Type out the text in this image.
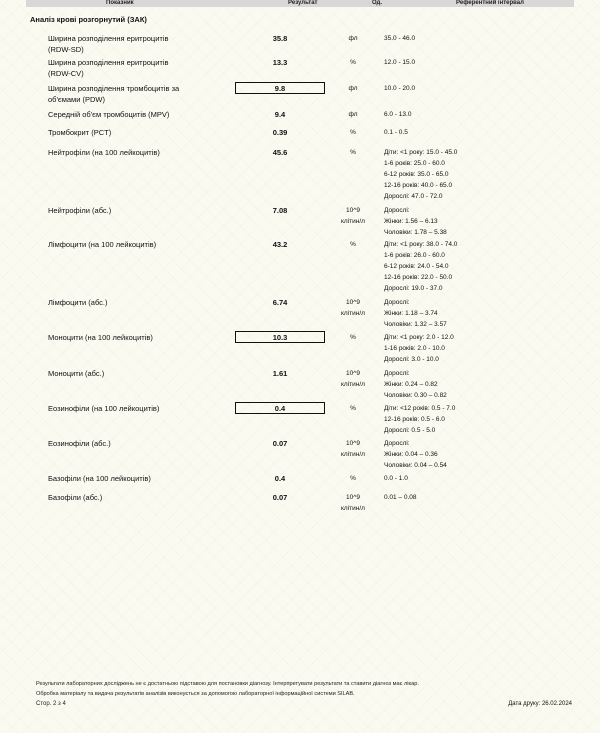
Показник	Результат	Од.	Референтний інтервал
Аналіз крові розгорнутий (ЗАК)
Ширина розподілення еритроцитів
(RDW-SD)
35.8	фл	35.0 - 46.0
Ширина розподілення еритроцитів
(RDW-CV)
13.3	%	12.0 - 15.0
Ширина розподілення тромбоцитів за
об'ємами (PDW)
9.8	фл	10.0 - 20.0
Середній об'єм тромбоцитів (MPV)	9.4	фл	6.0 - 13.0
Тромбокрит (PCT)	0.39	%	0.1 - 0.5
Нейтрофіли (на 100 лейкоцитів)	45.6	%	Діти: <1 року: 15.0 - 45.0
1-6 років: 25.0 - 60.0
6-12 років: 35.0 - 65.0
12-16 років: 40.0 - 65.0
Дорослі: 47.0 - 72.0
Нейтрофіли (абс.)	7.08	10^9
клітин/л
Дорослі:
Жінки: 1.56 – 6.13
Чоловіки: 1.78 – 5.38
Лімфоцити (на 100 лейкоцитів)	43.2	%	Діти: <1 року: 38.0 - 74.0
1-6 років: 26.0 - 60.0
6-12 років: 24.0 - 54.0
12-16 років: 22.0 - 50.0
Дорослі: 19.0 - 37.0
Лімфоцити (абс.)	6.74	10^9
клітин/л
Дорослі:
Жінки: 1.18 – 3.74
Чоловіки: 1.32 – 3.57
Моноцити (на 100 лейкоцитів)	10.3	%	Діти: <1 року: 2.0 - 12.0
1-16 років: 2.0 - 10.0
Дорослі: 3.0 - 10.0
Моноцити (абс.)	1.61	10^9
клітин/л
Дорослі:
Жінки: 0.24 – 0.82
Чоловіки: 0.30 – 0.82
Еозинофіли (на 100 лейкоцитів)	0.4	%	Діти: <12 років: 0.5 - 7.0
12-16 років: 0.5 - 6.0
Дорослі: 0.5 - 5.0
Еозинофіли (абс.)	0.07	10^9
клітин/л
Дорослі:
Жінки: 0.04 – 0.36
Чоловіки: 0.04 – 0.54
Базофіли (на 100 лейкоцитів)	0.4	%	0.0 - 1.0
Базофіли (абс.)	0.07	10^9
клітин/л
0.01 – 0.08
Результати лабораторних досліджень не є достатньою підставою для постановки діагнозу. Інтерпретувати результати та ставити діагноз має лікар.
Обробка матеріалу та видача результатів аналізів виконується за допомогою лабораторної інформаційної системи SILAB.
Стор. 2 з 4	Дата друку: 26.02.2024
